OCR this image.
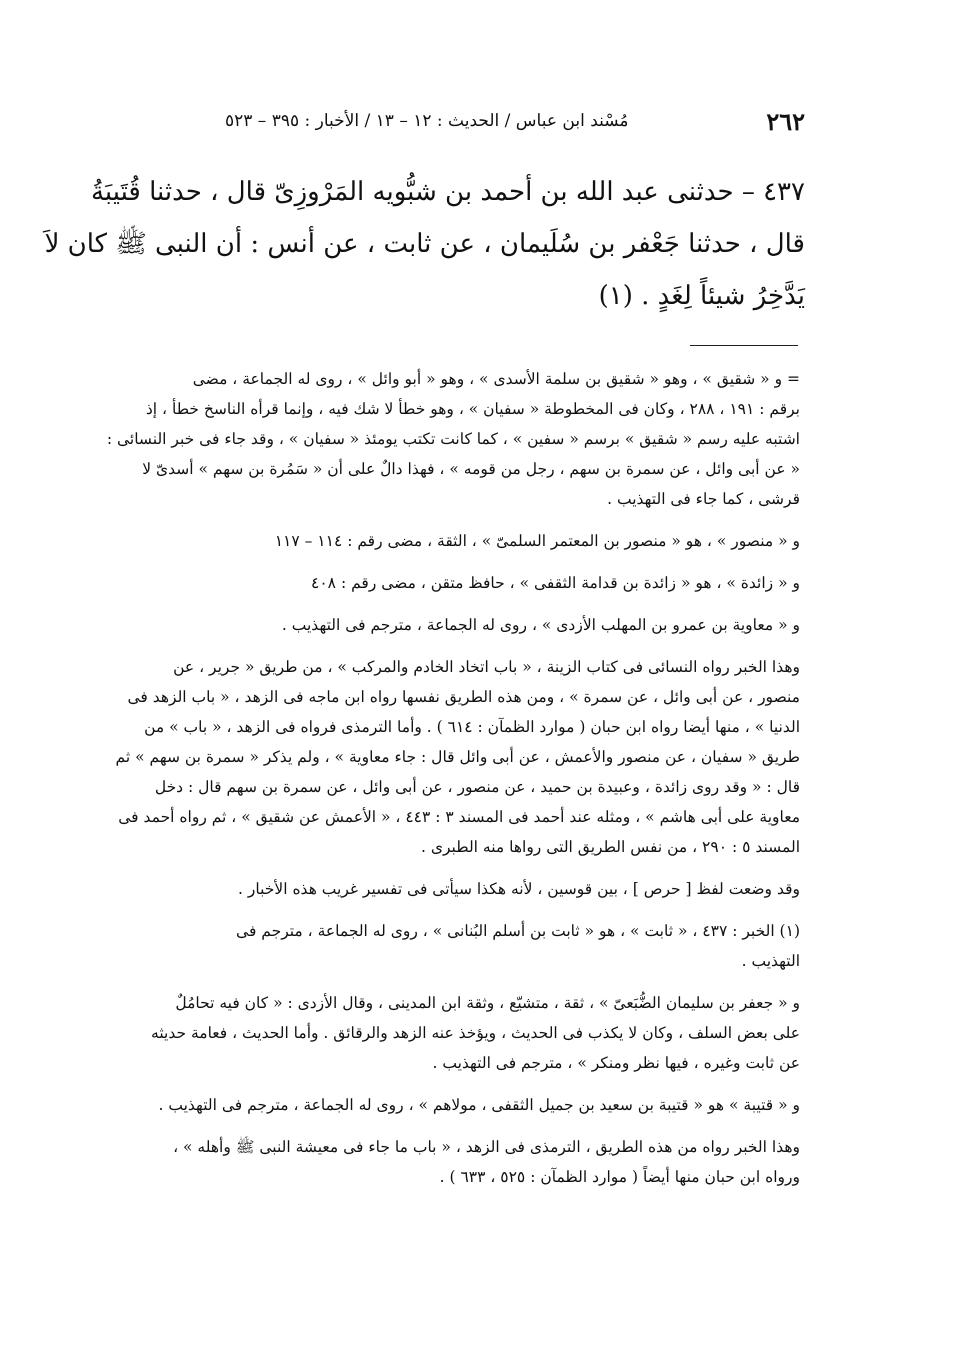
٢٦٢
مُسْند ابن عباس / الحديث : ١٢ – ١٣ / الأخبار : ٣٩٥ – ٥٢٣
٤٣٧ – حدثنى عبد الله بن أحمد بن شبُّويه المَرْوزِىّ قال ، حدثنا قُتَيبَةُ
قال ، حدثنا جَعْفر بن سُلَيمان ، عن ثابت ، عن أنس : أن النبى ﷺ كان لاَ
يَدَّخِرُ شيئاً لِغَدٍ . (١)
= و « شقيق » ، وهو « شقيق بن سلمة الأسدى » ، وهو « أبو وائل » ، روى له الجماعة ، مضى
برقم : ١٩١ ، ٢٨٨ ، وكان فى المخطوطة « سفيان » ، وهو خطأ لا شك فيه ، وإنما قرأه الناسخ خطأ ، إذ
اشتبه عليه رسم « شقيق » برسم « سفين » ، كما كانت تكتب يومئذ « سفيان » ، وقد جاء فى خبر النسائى :
« عن أبى وائل ، عن سمرة بن سهم ، رجل من قومه » ، فهذا دالٌ على أن « سَمُرة بن سهم » أسدىّ لا
قرشى ، كما جاء فى التهذيب .
و « منصور » ، هو « منصور بن المعتمر السلمىّ » ، الثقة ، مضى رقم : ١١٤ – ١١٧
و « زائدة » ، هو « زائدة بن قدامة الثقفى » ، حافظ متقن ، مضى رقم : ٤٠٨
و « معاوية بن عمرو بن المهلب الأزدى » ، روى له الجماعة ، مترجم فى التهذيب .
وهذا الخبر رواه النسائى فى كتاب الزينة ، « باب اتخاد الخادم والمركب » ، من طريق « جرير ، عن
منصور ، عن أبى وائل ، عن سمرة » ، ومن هذه الطريق نفسها رواه ابن ماجه فى الزهد ، « باب الزهد فى
الدنيا » ، منها أيضا رواه ابن حبان ( موارد الظمآن : ٦١٤ ) . وأما الترمذى فرواه فى الزهد ، « باب » من
طريق « سفيان ، عن منصور والأعمش ، عن أبى وائل قال : جاء معاوية » ، ولم يذكر « سمرة بن سهم » ثم
قال : « وقد روى زائدة ، وعبيدة بن حميد ، عن منصور ، عن أبى وائل ، عن سمرة بن سهم قال : دخل
معاوية على أبى هاشم » ، ومثله عند أحمد فى المسند ٣ : ٤٤٣ ، « الأعمش عن شقيق » ، ثم رواه أحمد فى
المسند ٥ : ٢٩٠ ، من نفس الطريق التى رواها منه الطبرى .
وقد وضعت لفظ [ حرص ] ، بين قوسين ، لأنه هكذا سيأتى فى تفسير غريب هذه الأخبار .
(١) الخبر : ٤٣٧ ، « ثابت » ، هو « ثابت بن أسلم البُنانى » ، روى له الجماعة ، مترجم فى
التهذيب .
و « جعفر بن سليمان الضُّبَعىّ » ، ثقة ، متشيّع ، وثقة ابن المدينى ، وقال الأزدى : « كان فيه تحامُلٌ
على بعض السلف ، وكان لا يكذب فى الحديث ، ويؤخذ عنه الزهد والرقائق . وأما الحديث ، فعامة حديثه
عن ثابت وغيره ، فيها نظر ومنكر » ، مترجم فى التهذيب .
و « قتيبة » هو « قتيبة بن سعيد بن جميل الثقفى ، مولاهم » ، روى له الجماعة ، مترجم فى التهذيب .
وهذا الخبر رواه من هذه الطريق ، الترمذى فى الزهد ، « باب ما جاء فى معيشة النبى ﷺ وأهله » ،
ورواه ابن حبان منها أيضاً ( موارد الظمآن : ٥٢٥ ، ٦٣٣ ) .
